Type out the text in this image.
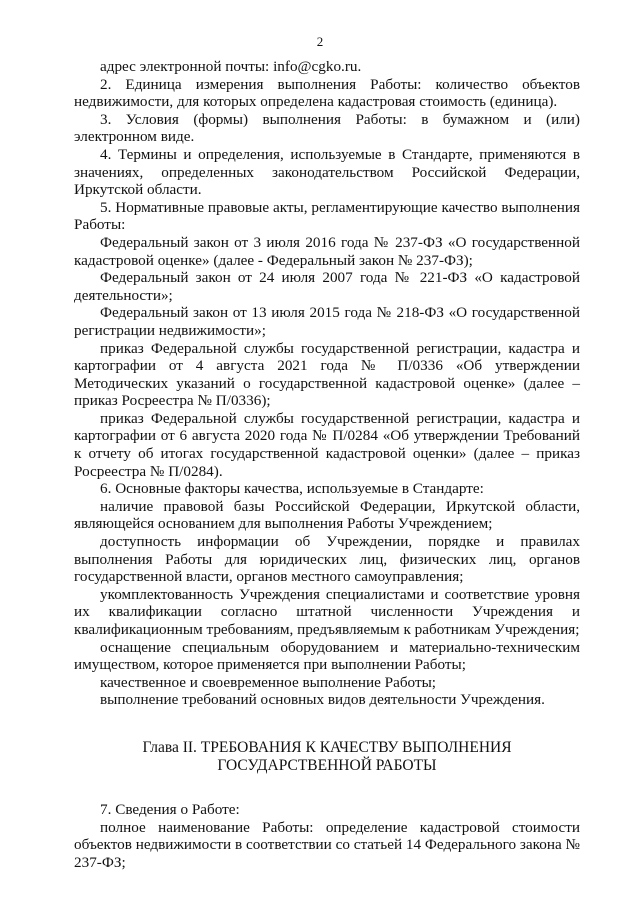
2

адрес электронной почты: info@cgko.ru.

2. Единица измерения выполнения Работы: количество объектов недвижимости, для которых определена кадастровая стоимость (единица).

3. Условия (формы) выполнения Работы: в бумажном и (или) электронном виде.

4. Термины и определения, используемые в Стандарте, применяются в значениях, определенных законодательством Российской Федерации, Иркутской области.

5. Нормативные правовые акты, регламентирующие качество выполнения Работы:

Федеральный закон от 3 июля 2016 года № 237-ФЗ «О государственной кадастровой оценке» (далее - Федеральный закон № 237-ФЗ);

Федеральный закон от 24 июля 2007 года № 221-ФЗ «О кадастровой деятельности»;

Федеральный закон от 13 июля 2015 года № 218-ФЗ «О государственной регистрации недвижимости»;

приказ Федеральной службы государственной регистрации, кадастра и картографии от 4 августа 2021 года № П/0336 «Об утверждении Методических указаний о государственной кадастровой оценке» (далее – приказ Росреестра № П/0336);

приказ Федеральной службы государственной регистрации, кадастра и картографии от 6 августа 2020 года № П/0284 «Об утверждении Требований к отчету об итогах государственной кадастровой оценки» (далее – приказ Росреестра № П/0284).

6. Основные факторы качества, используемые в Стандарте:

наличие правовой базы Российской Федерации, Иркутской области, являющейся основанием для выполнения Работы Учреждением;

доступность информации об Учреждении, порядке и правилах выполнения Работы для юридических лиц, физических лиц, органов государственной власти, органов местного самоуправления;

укомплектованность Учреждения специалистами и соответствие уровня их квалификации согласно штатной численности Учреждения и квалификационным требованиям, предъявляемым к работникам Учреждения;

оснащение специальным оборудованием и материально-техническим имуществом, которое применяется при выполнении Работы;

качественное и своевременное выполнение Работы;

выполнение требований основных видов деятельности Учреждения.

Глава II. ТРЕБОВАНИЯ К КАЧЕСТВУ ВЫПОЛНЕНИЯ
ГОСУДАРСТВЕННОЙ РАБОТЫ

7. Сведения о Работе:

полное наименование Работы: определение кадастровой стоимости объектов недвижимости в соответствии со статьей 14 Федерального закона № 237-ФЗ;
